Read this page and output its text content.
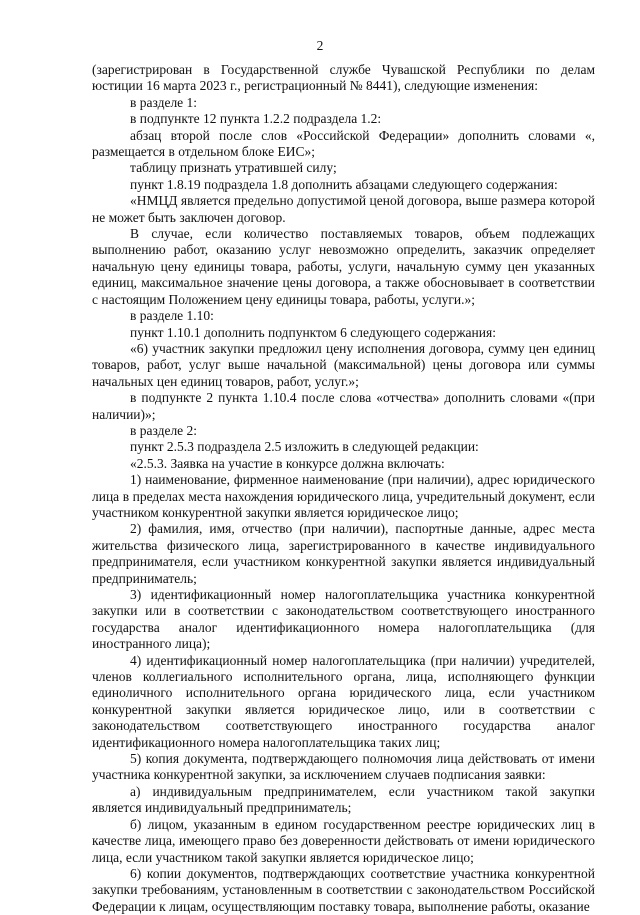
2

(зарегистрирован в Государственной службе Чувашской Республики по делам юстиции 16 марта 2023 г., регистрационный № 8441), следующие изменения:

в разделе 1:

в подпункте 12 пункта 1.2.2 подраздела 1.2:

абзац второй после слов «Российской Федерации» дополнить словами «, размещается в отдельном блоке ЕИС»;

таблицу признать утратившей силу;

пункт 1.8.19 подраздела 1.8 дополнить абзацами следующего содержания:

«НМЦД является предельно допустимой ценой договора, выше размера которой не может быть заключен договор.

В случае, если количество поставляемых товаров, объем подлежащих выполнению работ, оказанию услуг невозможно определить, заказчик определяет начальную цену единицы товара, работы, услуги, начальную сумму цен указанных единиц, максимальное значение цены договора, а также обосновывает в соответствии с настоящим Положением цену единицы товара, работы, услуги.»;

в разделе 1.10:

пункт 1.10.1 дополнить подпунктом 6 следующего содержания:

«6) участник закупки предложил цену исполнения договора, сумму цен единиц товаров, работ, услуг выше начальной (максимальной) цены договора или суммы начальных цен единиц товаров, работ, услуг.»;

в подпункте 2 пункта 1.10.4 после слова «отчества» дополнить словами «(при наличии)»;

в разделе 2:

пункт 2.5.3 подраздела 2.5 изложить в следующей редакции:

«2.5.3. Заявка на участие в конкурсе должна включать:

1) наименование, фирменное наименование (при наличии), адрес юридического лица в пределах места нахождения юридического лица, учредительный документ, если участником конкурентной закупки является юридическое лицо;

2) фамилия, имя, отчество (при наличии), паспортные данные, адрес места жительства физического лица, зарегистрированного в качестве индивидуального предпринимателя, если участником конкурентной закупки является индивидуальный предприниматель;

3) идентификационный номер налогоплательщика участника конкурентной закупки или в соответствии с законодательством соответствующего иностранного государства аналог идентификационного номера налогоплательщика (для иностранного лица);

4) идентификационный номер налогоплательщика (при наличии) учредителей, членов коллегиального исполнительного органа, лица, исполняющего функции единоличного исполнительного органа юридического лица, если участником конкурентной закупки является юридическое лицо, или в соответствии с законодательством соответствующего иностранного государства аналог идентификационного номера налогоплательщика таких лиц;

5) копия документа, подтверждающего полномочия лица действовать от имени участника конкурентной закупки, за исключением случаев подписания заявки:

а) индивидуальным предпринимателем, если участником такой закупки является индивидуальный предприниматель;

б) лицом, указанным в едином государственном реестре юридических лиц в качестве лица, имеющего право без доверенности действовать от имени юридического лица, если участником такой закупки является юридическое лицо;

6) копии документов, подтверждающих соответствие участника конкурентной закупки требованиям, установленным в соответствии с законодательством Российской Федерации к лицам, осуществляющим поставку товара, выполнение работы, оказание
